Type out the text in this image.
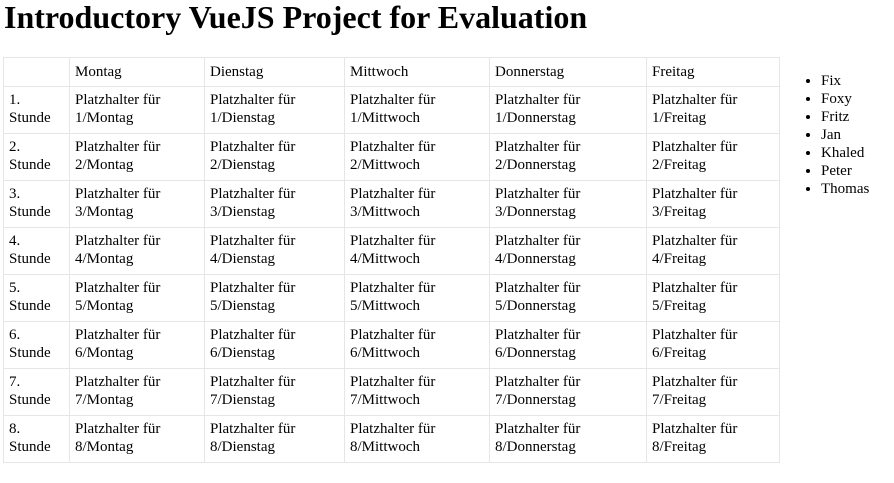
Introductory VueJS Project for Evaluation
	Montag	Dienstag	Mittwoch	Donnerstag	Freitag
1. Stunde	Platzhalter für 1/Montag	Platzhalter für 1/Dienstag	Platzhalter für 1/Mittwoch	Platzhalter für 1/Donnerstag	Platzhalter für 1/Freitag
2. Stunde	Platzhalter für 2/Montag	Platzhalter für 2/Dienstag	Platzhalter für 2/Mittwoch	Platzhalter für 2/Donnerstag	Platzhalter für 2/Freitag
3. Stunde	Platzhalter für 3/Montag	Platzhalter für 3/Dienstag	Platzhalter für 3/Mittwoch	Platzhalter für 3/Donnerstag	Platzhalter für 3/Freitag
4. Stunde	Platzhalter für 4/Montag	Platzhalter für 4/Dienstag	Platzhalter für 4/Mittwoch	Platzhalter für 4/Donnerstag	Platzhalter für 4/Freitag
5. Stunde	Platzhalter für 5/Montag	Platzhalter für 5/Dienstag	Platzhalter für 5/Mittwoch	Platzhalter für 5/Donnerstag	Platzhalter für 5/Freitag
6. Stunde	Platzhalter für 6/Montag	Platzhalter für 6/Dienstag	Platzhalter für 6/Mittwoch	Platzhalter für 6/Donnerstag	Platzhalter für 6/Freitag
7. Stunde	Platzhalter für 7/Montag	Platzhalter für 7/Dienstag	Platzhalter für 7/Mittwoch	Platzhalter für 7/Donnerstag	Platzhalter für 7/Freitag
8. Stunde	Platzhalter für 8/Montag	Platzhalter für 8/Dienstag	Platzhalter für 8/Mittwoch	Platzhalter für 8/Donnerstag	Platzhalter für 8/Freitag
• Fix
• Foxy
• Fritz
• Jan
• Khaled
• Peter
• Thomas
